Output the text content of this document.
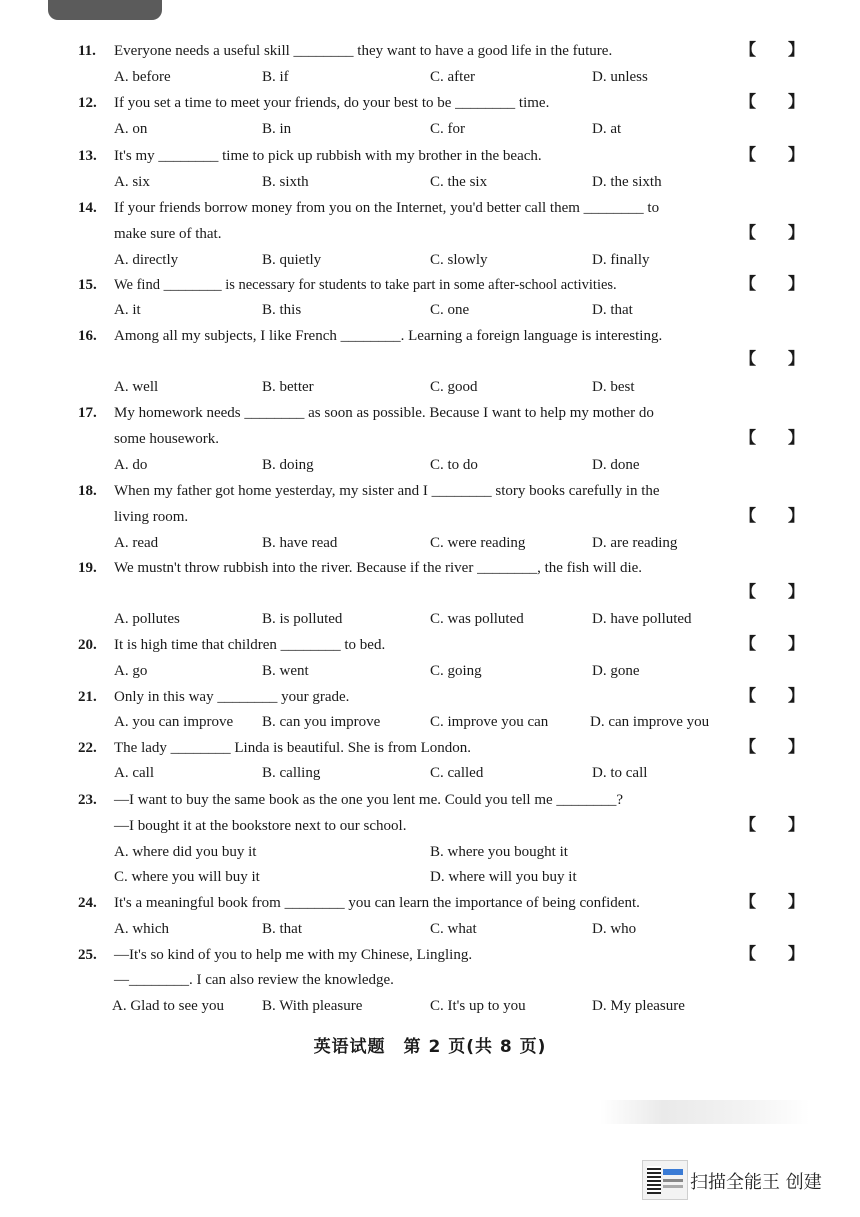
11. Everyone needs a useful skill ________ they want to have a good life in the future.	【 】
A. before	B. if	C. after	D. unless
12. If you set a time to meet your friends, do your best to be ________ time.	【 】
A. on	B. in	C. for	D. at
13. It's my ________ time to pick up rubbish with my brother in the beach.	【 】
A. six	B. sixth	C. the six	D. the sixth
14. If your friends borrow money from you on the Internet, you'd better call them ________ to
make sure of that.	【 】
A. directly	B. quietly	C. slowly	D. finally
15. We find ________ is necessary for students to take part in some after-school activities.	【 】
A. it	B. this	C. one	D. that
16. Among all my subjects, I like French ________. Learning a foreign language is interesting.
【 】
A. well	B. better	C. good	D. best
17. My homework needs ________ as soon as possible. Because I want to help my mother do
some housework.	【 】
A. do	B. doing	C. to do	D. done
18. When my father got home yesterday, my sister and I ________ story books carefully in the
living room.	【 】
A. read	B. have read	C. were reading	D. are reading
19. We mustn't throw rubbish into the river. Because if the river ________, the fish will die.
【 】
A. pollutes	B. is polluted	C. was polluted	D. have polluted
20. It is high time that children ________ to bed.	【 】
A. go	B. went	C. going	D. gone
21. Only in this way ________ your grade.	【 】
A. you can improve B. can you improve	C. improve you can	D. can improve you
22. The lady ________ Linda is beautiful. She is from London.	【 】
A. call	B. calling	C. called	D. to call
23. —I want to buy the same book as the one you lent me. Could you tell me ________?
—I bought it at the bookstore next to our school.	【 】
A. where did you buy it	B. where you bought it
C. where you will buy it	D. where will you buy it
24. It's a meaningful book from ________ you can learn the importance of being confident.	【 】
A. which	B. that	C. what	D. who
25. —It's so kind of you to help me with my Chinese, Lingling.	【 】
—________. I can also review the knowledge.
A. Glad to see you	B. With pleasure	C. It's up to you	D. My pleasure
英语试题　第 2 页(共 8 页)
扫描全能王 创建
